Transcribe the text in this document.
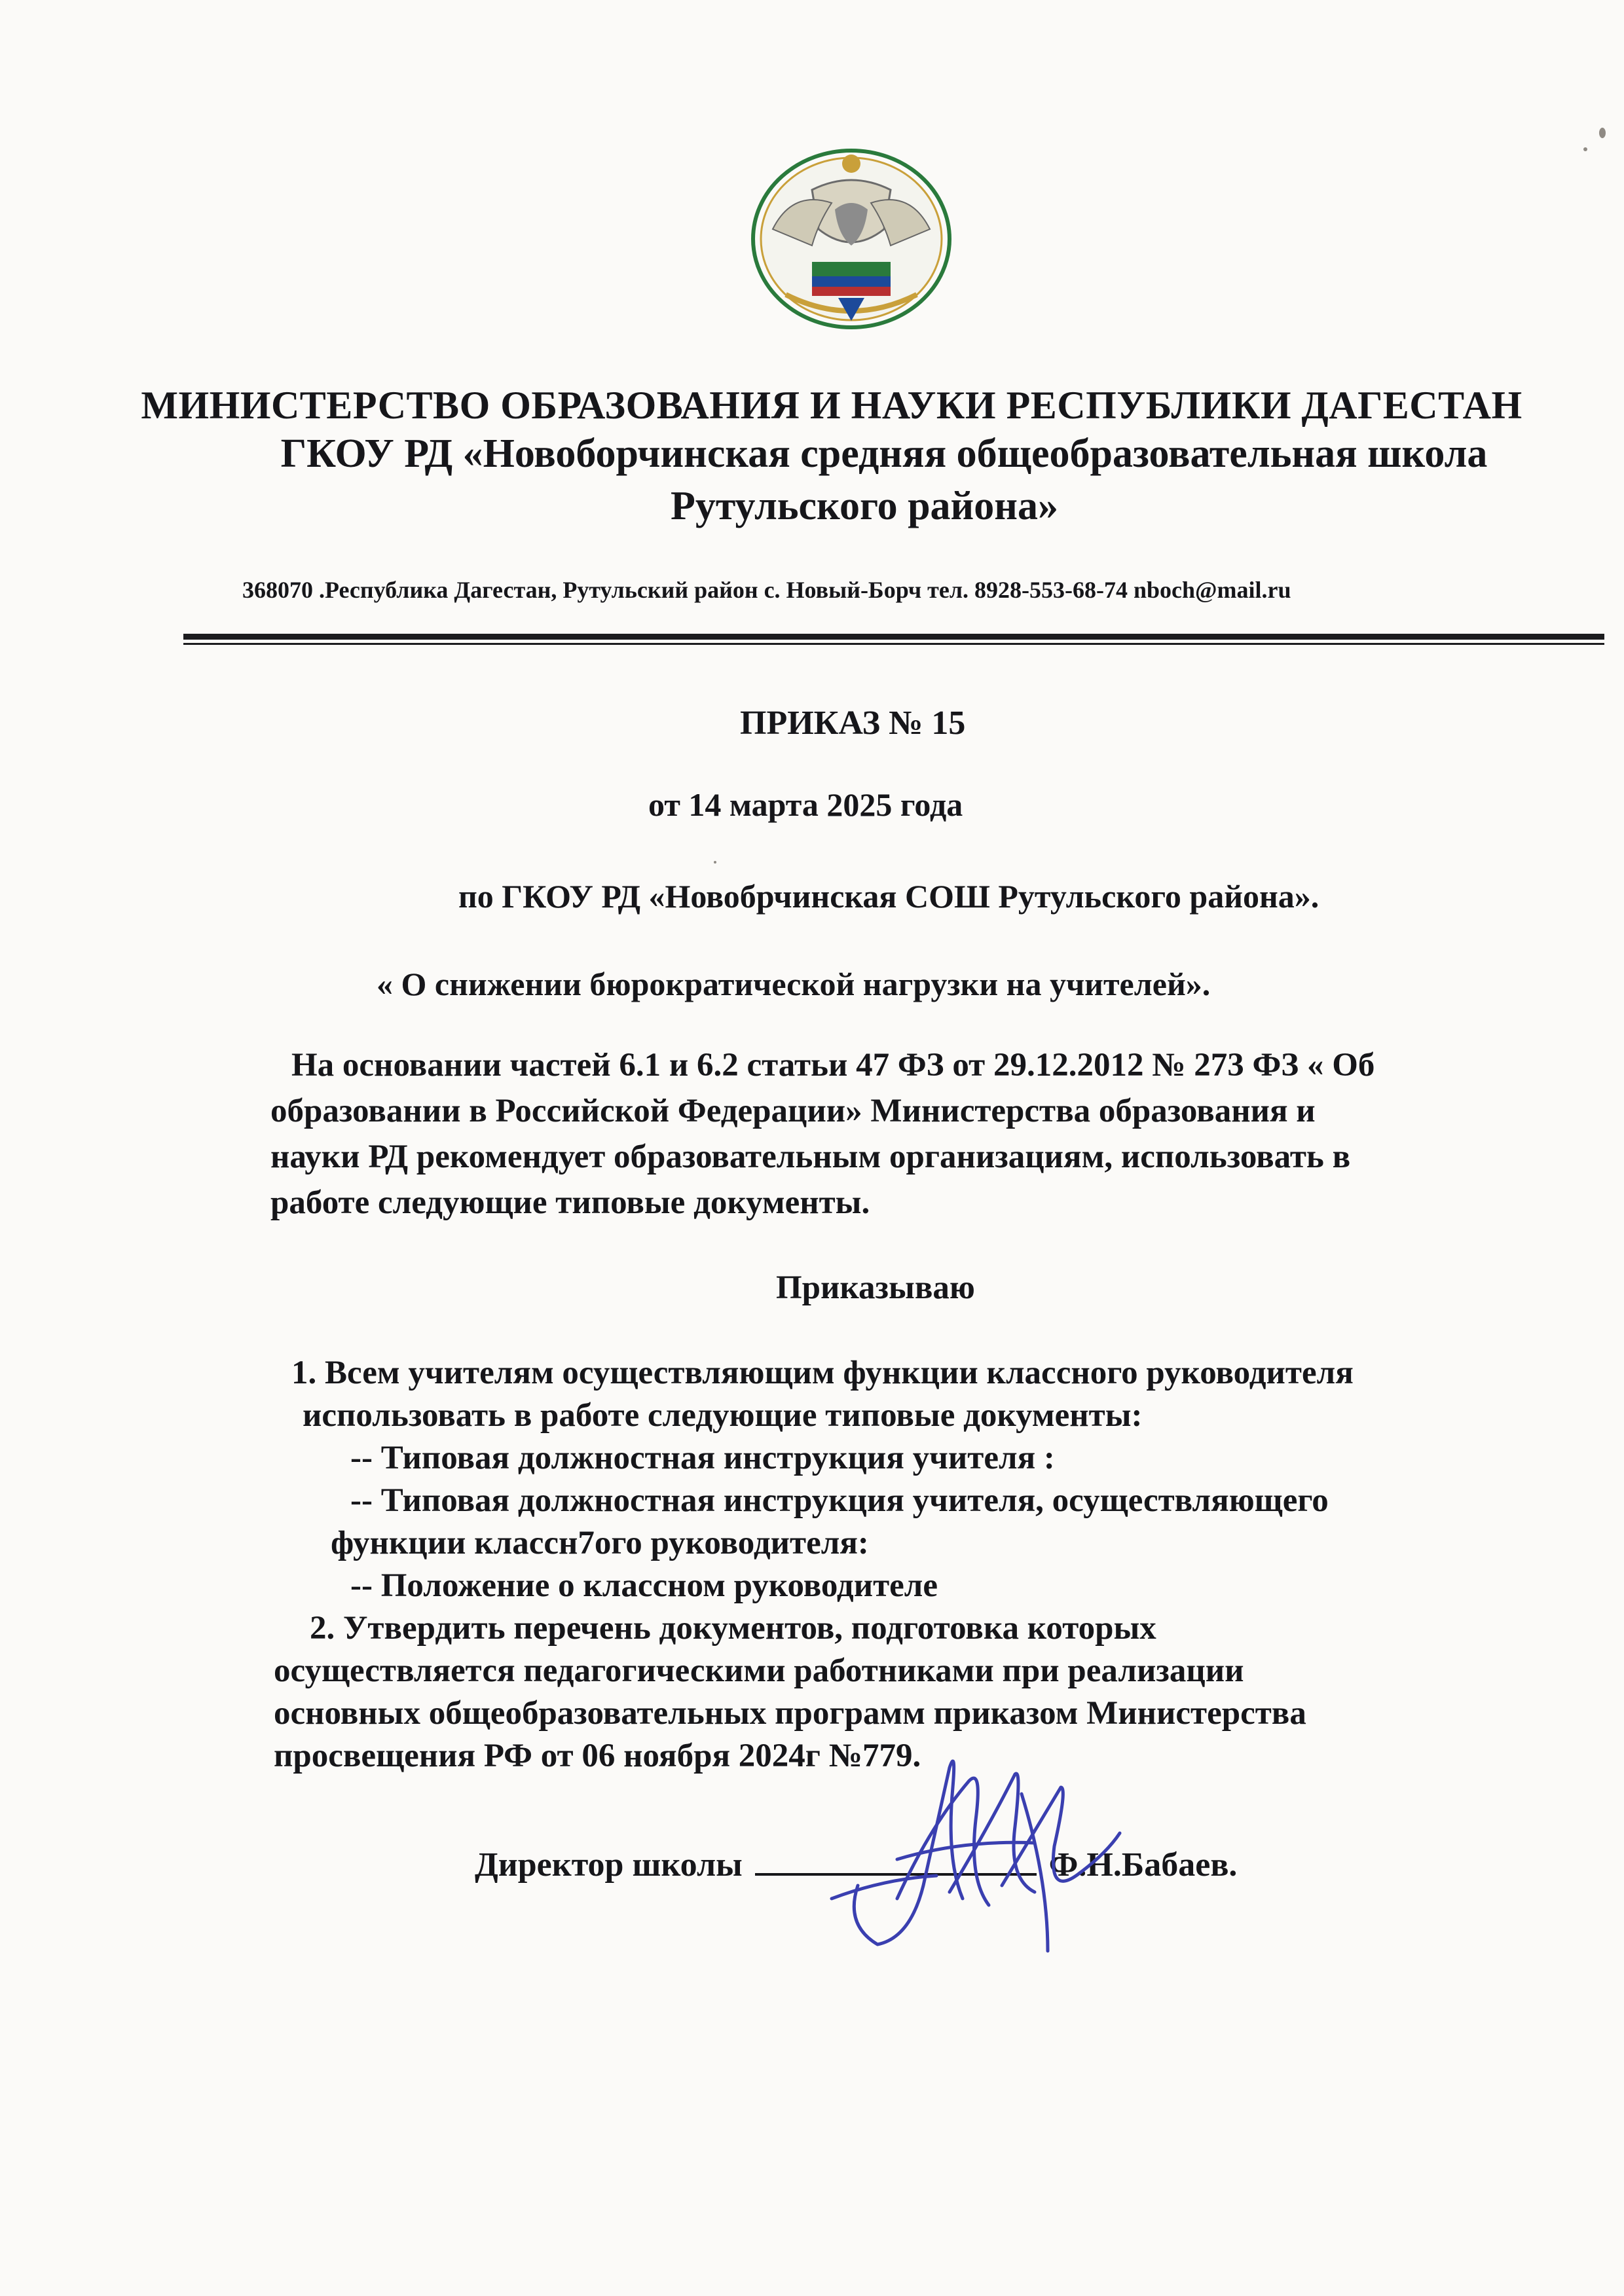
МИНИСТЕРСТВО ОБРАЗОВАНИЯ И НАУКИ РЕСПУБЛИКИ ДАГЕСТАН
ГКОУ РД «Новоборчинская средняя общеобразовательная школа
Рутульского района»
368070 .Республика Дагестан, Рутульский район с. Новый-Борч тел. 8928-553-68-74 nboch@mail.ru
ПРИКАЗ № 15
от 14 марта 2025 года
по ГКОУ РД «Новобрчинская СОШ Рутульского района».
« О снижении бюрократической нагрузки на учителей».
На основании частей 6.1 и 6.2 статьи 47 ФЗ от 29.12.2012 № 273 ФЗ « Об
образовании в Российской Федерации» Министерства образования и
науки РД рекомендует образовательным организациям, использовать в
работе следующие типовые документы.
Приказываю
1. Всем учителям осуществляющим функции классного руководителя
использовать в работе следующие типовые документы:
-- Типовая должностная инструкция учителя :
-- Типовая должностная инструкция учителя, осуществляющего
функции классн7ого руководителя:
-- Положение о классном руководителе
2. Утвердить перечень документов, подготовка которых
осуществляется педагогическими работниками при реализации
основных общеобразовательных программ приказом Министерства
просвещения РФ от 06 ноября 2024г №779.
Директор школы	Ф.Н.Бабаев.
